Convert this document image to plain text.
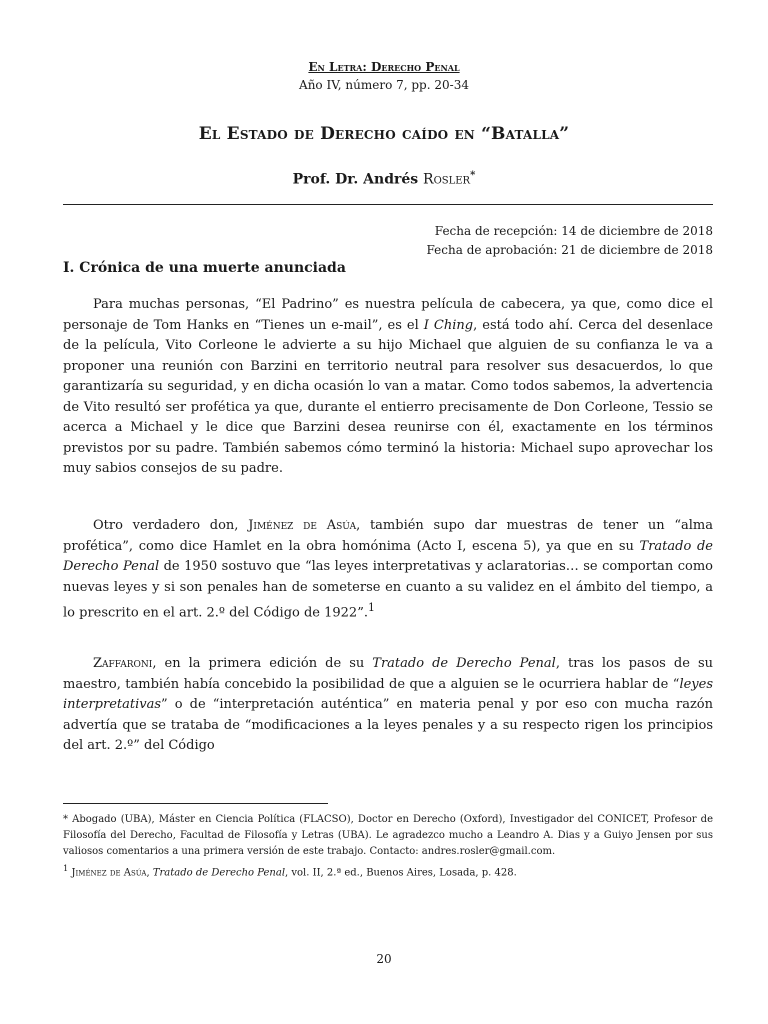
En Letra: Derecho Penal
Año IV, número 7, pp. 20-34
El Estado de Derecho caído en “Batalla”
Prof. Dr. Andrés Rosler*
Fecha de recepción: 14 de diciembre de 2018
Fecha de aprobación: 21 de diciembre de 2018
I. Crónica de una muerte anunciada

Para muchas personas, “El Padrino” es nuestra película de cabecera, ya que, como dice el personaje de Tom Hanks en “Tienes un e-mail”, es el I Ching, está todo ahí. Cerca del desenlace de la película, Vito Corleone le advierte a su hijo Michael que alguien de su confianza le va a proponer una reunión con Barzini en territorio neutral para resolver sus desacuerdos, lo que garantizaría su seguridad, y en dicha ocasión lo van a matar. Como todos sabemos, la advertencia de Vito resultó ser profética ya que, durante el entierro precisamente de Don Corleone, Tessio se acerca a Michael y le dice que Barzini desea reunirse con él, exactamente en los términos previstos por su padre. También sabemos cómo terminó la historia: Michael supo aprovechar los muy sabios consejos de su padre.

Otro verdadero don, Jiménez de Asúa, también supo dar muestras de tener un “alma profética”, como dice Hamlet en la obra homónima (Acto I, escena 5), ya que en su Tratado de Derecho Penal de 1950 sostuvo que “las leyes interpretativas y aclaratorias… se comportan como nuevas leyes y si son penales han de someterse en cuanto a su validez en el ámbito del tiempo, a lo prescrito en el art. 2.º del Código de 1922”.$^1$

Zaffaroni, en la primera edición de su Tratado de Derecho Penal, tras los pasos de su maestro, también había concebido la posibilidad de que a alguien se le ocurriera hablar de “leyes interpretativas” o de “interpretación auténtica” en materia penal y por eso con mucha razón advertía que se trataba de “modificaciones a la leyes penales y a su respecto rigen los principios del art. 2.º” del Código

* Abogado (UBA), Máster en Ciencia Política (FLACSO), Doctor en Derecho (Oxford), Investigador del CONICET, Profesor de Filosofía del Derecho, Facultad de Filosofía y Letras (UBA). Le agradezco mucho a Leandro A. Dias y a Guiyo Jensen por sus valiosos comentarios a una primera versión de este trabajo. Contacto: andres.rosler@gmail.com.

$^1$ Jiménez de Asúa, Tratado de Derecho Penal, vol. II, 2.ª ed., Buenos Aires, Losada, p. 428.

20
